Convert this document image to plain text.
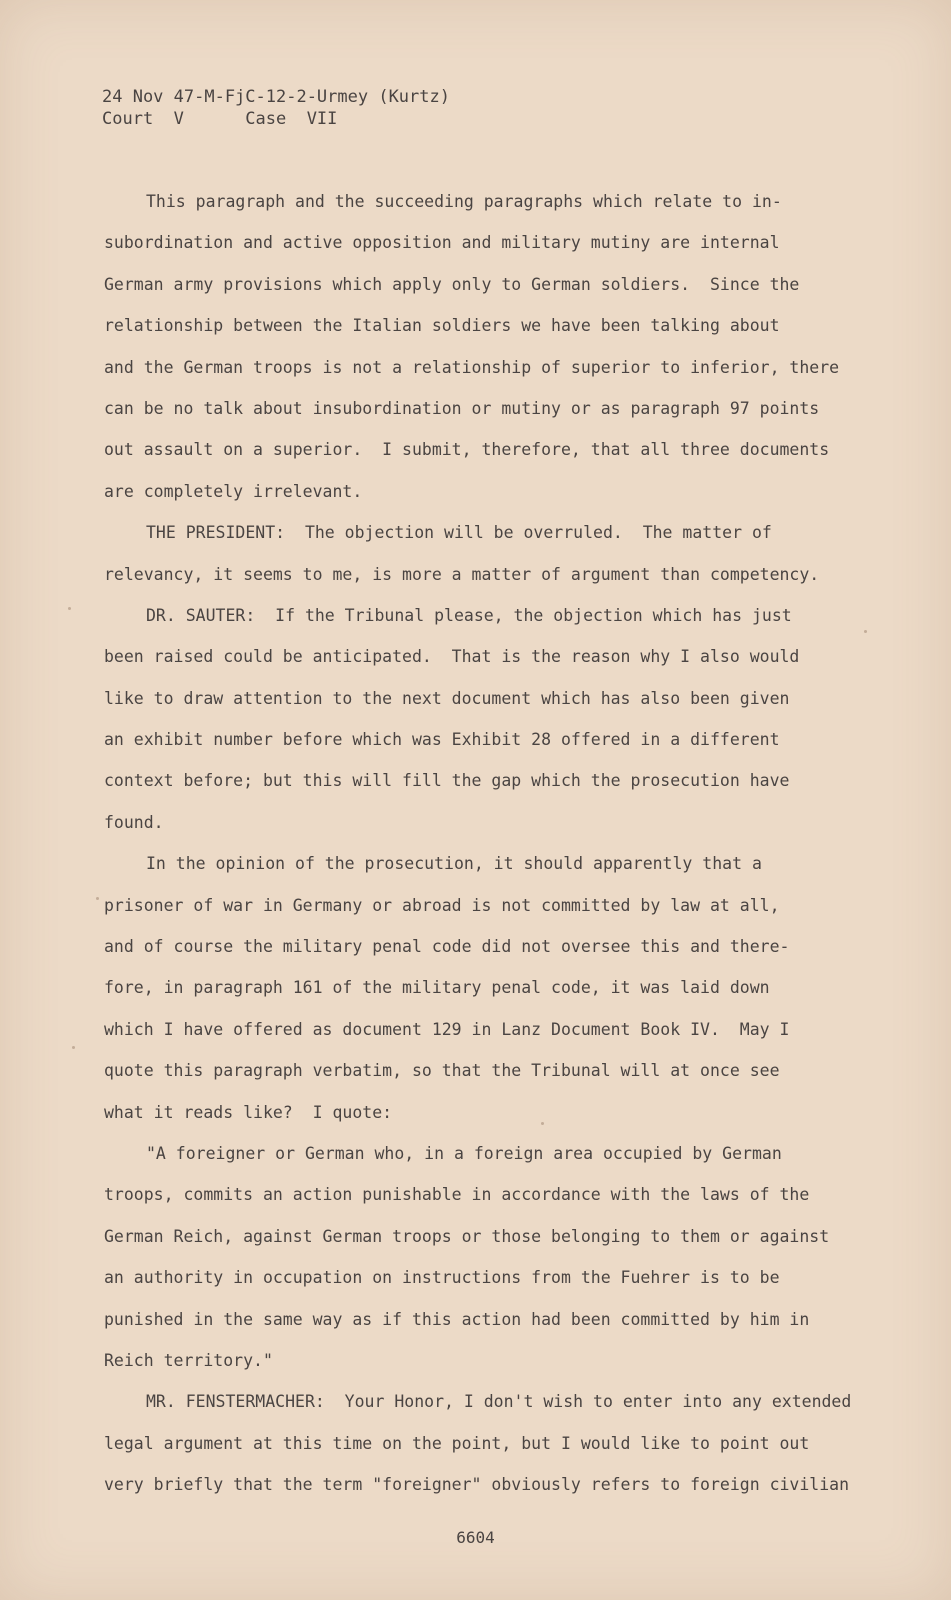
24 Nov 47-M-FjC-12-2-Urmey (Kurtz)
Court  V      Case  VII
This paragraph and the succeeding paragraphs which relate to in-
subordination and active opposition and military mutiny are internal
German army provisions which apply only to German soldiers.  Since the
relationship between the Italian soldiers we have been talking about
and the German troops is not a relationship of superior to inferior, there
can be no talk about insubordination or mutiny or as paragraph 97 points
out assault on a superior.  I submit, therefore, that all three documents
are completely irrelevant.
THE PRESIDENT:  The objection will be overruled.  The matter of
relevancy, it seems to me, is more a matter of argument than competency.
DR. SAUTER:  If the Tribunal please, the objection which has just
been raised could be anticipated.  That is the reason why I also would
like to draw attention to the next document which has also been given
an exhibit number before which was Exhibit 28 offered in a different
context before; but this will fill the gap which the prosecution have
found.
In the opinion of the prosecution, it should apparently that a
prisoner of war in Germany or abroad is not committed by law at all,
and of course the military penal code did not oversee this and there-
fore, in paragraph 161 of the military penal code, it was laid down
which I have offered as document 129 in Lanz Document Book IV.  May I
quote this paragraph verbatim, so that the Tribunal will at once see
what it reads like?  I quote:
"A foreigner or German who, in a foreign area occupied by German
troops, commits an action punishable in accordance with the laws of the
German Reich, against German troops or those belonging to them or against
an authority in occupation on instructions from the Fuehrer is to be
punished in the same way as if this action had been committed by him in
Reich territory."
MR. FENSTERMACHER:  Your Honor, I don't wish to enter into any extended
legal argument at this time on the point, but I would like to point out
very briefly that the term "foreigner" obviously refers to foreign civilian
6604
